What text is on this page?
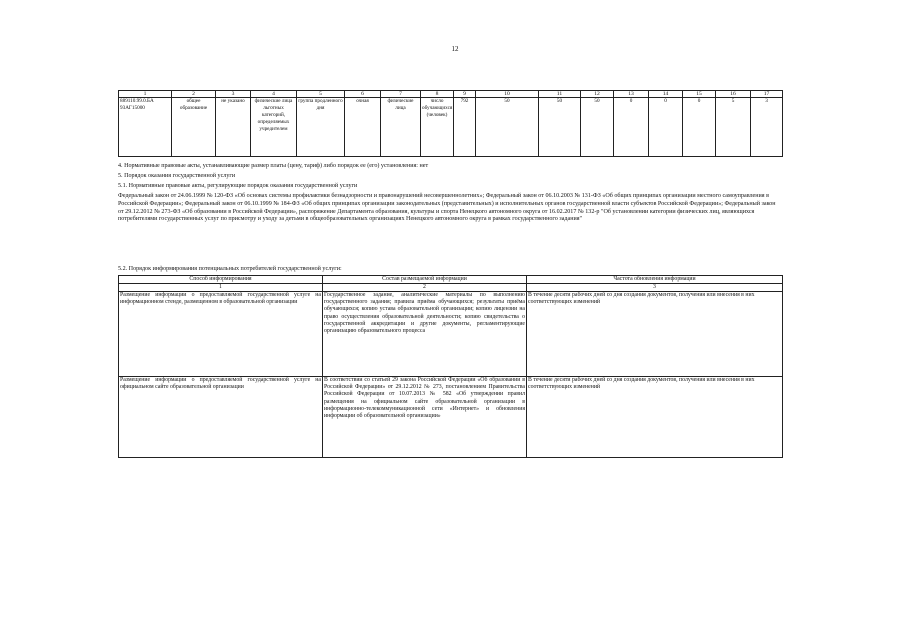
12
1	2	3	4	5	6	7	8	9	10	11	12	13	14	15	16	17
889110.99.0.БА 93АГ15000	общее образование	не указано	физические лица льготных категорий, определяемых учредителем	группа продленного дня	очная	физические лица	число обучающихся (человек)	792	50	50	50	0	0	0	5	3
4. Нормативные правовые акты, устанавливающие размер платы (цену, тариф) либо порядок ее (его) установления: нет
5. Порядок оказания государственной услуги
5.1. Нормативные правовые акты, регулирующие порядок оказания государственной услуги
Федеральный закон от 24.06.1999 № 120-ФЗ «Об основах системы профилактики безнадзорности и правонарушений несовершеннолетних»; Федеральный закон от 06.10.2003 № 131-ФЗ «Об общих принципах организации местного самоуправления в Российской Федерации»; Федеральный закон от 06.10.1999 № 184-ФЗ «Об общих принципах организации законодательных (представительных) и исполнительных органов государственной власти субъектов Российской Федерации»; Федеральный закон от 29.12.2012 № 273-ФЗ «Об образовании в Российской Федерации», распоряжение Департамента образования, культуры и спорта Ненецкого автономного округа от 16.02.2017 № 132-р "Об установлении категории физических лиц, являющихся потребителями государственных услуг по присмотру и уходу за детьми в общеобразовательных организациях Ненецкого автономного округа в рамках государственного задания"
5.2. Порядок информирования потенциальных потребителей государственной услуги:
Способ информирования	Состав размещаемой информации	Частота обновления информации
1	2	3
Размещение информации о предоставляемой государственной услуге на информационном стенде, размещенном в образовательной организации	Государственное задание, аналитические материалы по выполнению государственного задания; правила приёма обучающихся; результаты приёма обучающихся; копию устава образовательной организации; копию лицензии на право осуществления образовательной деятельности; копию свидетельства о государственной аккредитации и другие документы, регламентирующие организацию образовательного процесса	В течение десяти рабочих дней со дня создания документов, получения или внесения в них соответствующих изменений
Размещение информации о предоставляемой государственной услуге на официальном сайте образовательной организации	В соответствии со статьей 29 закона Российской Федерации «Об образовании в Российской Федерации» от 29.12.2012 № 273, постановлением Правительства Российской Федерации от 10.07.2013 № 582 «Об утверждении правил размещения на официальном сайте образовательной организации в информационно-телекоммуникационной сети «Интернет» и обновления информации об образовательной организации»	В течение десяти рабочих дней со дня создания документов, получения или внесения в них соответствующих изменений
